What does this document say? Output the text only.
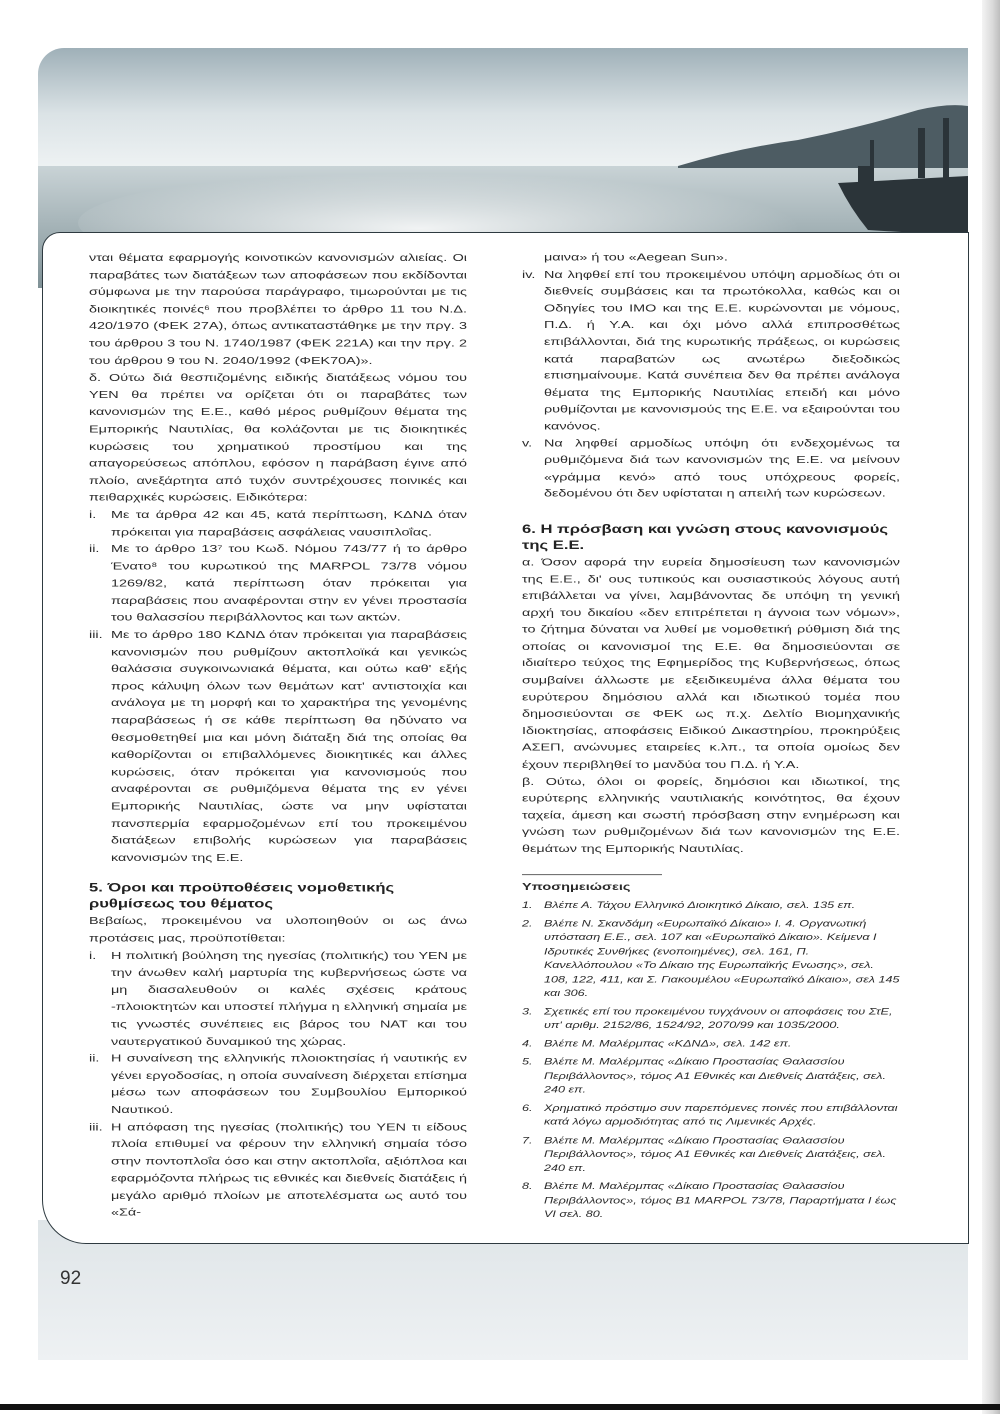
νται θέματα εφαρμογής κοινοτικών κανονισμών αλιείας. Οι παραβάτες των διατάξεων των αποφάσεων που εκδίδονται σύμφωνα με την παρούσα παράγραφο, τιμωρούνται με τις διοικητικές ποινές⁶ που προβλέπει το άρθρο 11 του Ν.Δ. 420/1970 (ΦΕΚ 27Α), όπως αντικαταστάθηκε με την πργ. 3 του άρθρου 3 του Ν. 1740/1987 (ΦΕΚ 221Α) και την πργ. 2 του άρθρου 9 του Ν. 2040/1992 (ΦΕΚ70Α)».

δ. Ούτω διά θεσπιζομένης ειδικής διατάξεως νόμου του ΥΕΝ θα πρέπει να ορίζεται ότι οι παραβάτες των κανονισμών της Ε.Ε., καθό μέρος ρυθμίζουν θέματα της Εμπορικής Ναυτιλίας, θα κολάζονται με τις διοικητικές κυρώσεις του χρηματικού προστίμου και της απαγορεύσεως απόπλου, εφόσον η παράβαση έγινε από πλοίο, ανεξάρτητα από τυχόν συντρέχουσες ποινικές και πειθαρχικές κυρώσεις. Ειδικότερα:

i.	Με τα άρθρα 42 και 45, κατά περίπτωση, ΚΔΝΔ όταν πρόκειται για παραβάσεις ασφάλειας ναυσιπλοΐας.
ii. Με το άρθρο 13⁷ του Κωδ. Νόμου 743/77 ή το άρθρο Ένατο⁸ του κυρωτικού της MARPOL 73/78 νόμου 1269/82, κατά περίπτωση όταν πρόκειται για παραβάσεις που αναφέρονται στην εν γένει προστασία του θαλασσίου περιβάλλοντος και των ακτών.
iii. Με το άρθρο 180 ΚΔΝΔ όταν πρόκειται για παραβάσεις κανονισμών που ρυθμίζουν ακτοπλοϊκά και γενικώς θαλάσσια συγκοινωνιακά θέματα, και ούτω καθ' εξής προς κάλυψη όλων των θεμάτων κατ' αντιστοιχία και ανάλογα με τη μορφή και το χαρακτήρα της γενομένης παραβάσεως ή σε κάθε περίπτωση θα ηδύνατο να θεσμοθετηθεί μια και μόνη διάταξη διά της οποίας θα καθορίζονται οι επιβαλλόμενες διοικητικές και άλλες κυρώσεις, όταν πρόκειται για κανονισμούς που αναφέρονται σε ρυθμιζόμενα θέματα της εν γένει Εμπορικής Ναυτιλίας, ώστε να μην υφίσταται πανσπερμία εφαρμοζομένων επί του προκειμένου διατάξεων επιβολής κυρώσεων για παραβάσεις κανονισμών της Ε.Ε.
5. Όροι και προϋποθέσεις νομοθετικής ρυθμίσεως του θέματος

Βεβαίως, προκειμένου να υλοποιηθούν οι ως άνω προτάσεις μας, προϋποτίθεται:

i.	Η πολιτική βούληση της ηγεσίας (πολιτικής) του ΥΕΝ με την άνωθεν καλή μαρτυρία της κυβερνήσεως ώστε να μη διασαλευθούν οι καλές σχέσεις κράτους -πλοιοκτητών και υποστεί πλήγμα η ελληνική σημαία με τις γνωστές συνέπειες εις βάρος του ΝΑΤ και του ναυτεργατικού δυναμικού της χώρας.
ii. Η συναίνεση της ελληνικής πλοιοκτησίας ή ναυτικής εν γένει εργοδοσίας, η οποία συναίνεση διέρχεται επίσημα μέσω των αποφάσεων του Συμβουλίου Εμπορικού Ναυτικού.
iii. Η απόφαση της ηγεσίας (πολιτικής) του ΥΕΝ τι είδους πλοία επιθυμεί να φέρουν την ελληνική σημαία τόσο στην ποντοπλοΐα όσο και στην ακτοπλοΐα, αξιόπλοα και εφαρμόζοντα πλήρως τις εθνικές και διεθνείς διατάξεις ή μεγάλο αριθμό πλοίων με αποτελέσματα ως αυτό του «Σά-

μαινα» ή του «Aegean Sun».

iv. Να ληφθεί επί του προκειμένου υπόψη αρμοδίως ότι οι διεθνείς συμβάσεις και τα πρωτόκολλα, καθώς και οι Οδηγίες του ΙΜΟ και της Ε.Ε. κυρώνονται με νόμους, Π.Δ. ή Υ.Α. και όχι μόνο αλλά επιπροσθέτως επιβάλλονται, διά της κυρωτικής πράξεως, οι κυρώσεις κατά παραβατών ως ανωτέρω διεξοδικώς επισημαίνουμε. Κατά συνέπεια δεν θα πρέπει ανάλογα θέματα της Εμπορικής Ναυτιλίας επειδή και μόνο ρυθμίζονται με κανονισμούς της Ε.Ε. να εξαιρούνται του κανόνος.
v. Να ληφθεί αρμοδίως υπόψη ότι ενδεχομένως τα ρυθμιζόμενα διά των κανονισμών της Ε.Ε. να μείνουν «γράμμα κενό» από τους υπόχρεους φορείς, δεδομένου ότι δεν υφίσταται η απειλή των κυρώσεων.
6. Η πρόσβαση και γνώση στους κανονισμούς της Ε.Ε.

α. Όσον αφορά την ευρεία δημοσίευση των κανονισμών της Ε.Ε., δι' ους τυπικούς και ουσιαστικούς λόγους αυτή επιβάλλεται να γίνει, λαμβάνοντας δε υπόψη τη γενική αρχή του δικαίου «δεν επιτρέπεται η άγνοια των νόμων», το ζήτημα δύναται να λυθεί με νομοθετική ρύθμιση διά της οποίας οι κανονισμοί της Ε.Ε. θα δημοσιεύονται σε ιδιαίτερο τεύχος της Εφημερίδος της Κυβερνήσεως, όπως συμβαίνει άλλωστε με εξειδικευμένα άλλα θέματα του ευρύτερου δημόσιου αλλά και ιδιωτικού τομέα που δημοσιεύονται σε ΦΕΚ ως π.χ. Δελτίο Βιομηχανικής Ιδιοκτησίας, αποφάσεις Ειδικού Δικαστηρίου, προκηρύξεις ΑΣΕΠ, ανώνυμες εταιρείες κ.λπ., τα οποία ομοίως δεν έχουν περιβληθεί το μανδύα του Π.Δ. ή Υ.Α.

β. Ούτω, όλοι οι φορείς, δημόσιοι και ιδιωτικοί, της ευρύτερης ελληνικής ναυτιλιακής κοινότητος, θα έχουν ταχεία, άμεση και σωστή πρόσβαση στην ενημέρωση και γνώση των ρυθμιζομένων διά των κανονισμών της Ε.Ε. θεμάτων της Εμπορικής Ναυτιλίας.

Υποσημειώσεις
1. Βλέπε Α. Τάχου Ελληνικό Διοικητικό Δίκαιο, σελ. 135 επ.
2. Βλέπε Ν. Σκανδάμη «Ευρωπαϊκό Δίκαιο» Ι. 4. Οργανωτική υπόσταση Ε.Ε., σελ. 107 και «Ευρωπαϊκό Δίκαιο». Κείμενα Ι Ιδρυτικές Συνθήκες (ενοποιημένες), σελ. 161, Π. Κανελλόπουλου «Το Δίκαιο της Ευρωπαϊκής Ενωσης», σελ. 108, 122, 411, και Σ. Γιακουμέλου «Ευρωπαϊκό Δίκαιο», σελ 145 και 306.
3. Σχετικές επί του προκειμένου τυγχάνουν οι αποφάσεις του ΣτΕ, υπ' αριθμ. 2152/86, 1524/92, 2070/99 και 1035/2000.
4. Βλέπε Μ. Μαλέρμπας «ΚΔΝΔ», σελ. 142 επ.
5. Βλέπε Μ. Μαλέρμπας «Δίκαιο Προστασίας Θαλασσίου Περιβάλλοντος», τόμος Α1 Εθνικές και Διεθνείς Διατάξεις, σελ. 240 επ.
6. Χρηματικό πρόστιμο συν παρεπόμενες ποινές που επιβάλλονται κατά λόγω αρμοδιότητας από τις Λιμενικές Αρχές.
7. Βλέπε Μ. Μαλέρμπας «Δίκαιο Προστασίας Θαλασσίου Περιβάλλοντος», τόμος Α1 Εθνικές και Διεθνείς Διατάξεις, σελ. 240 επ.
8. Βλέπε Μ. Μαλέρμπας «Δίκαιο Προστασίας Θαλασσίου Περιβάλλοντος», τόμος Β1 MARPOL 73/78, Παραρτήματα Ι έως VI σελ. 80.
92
